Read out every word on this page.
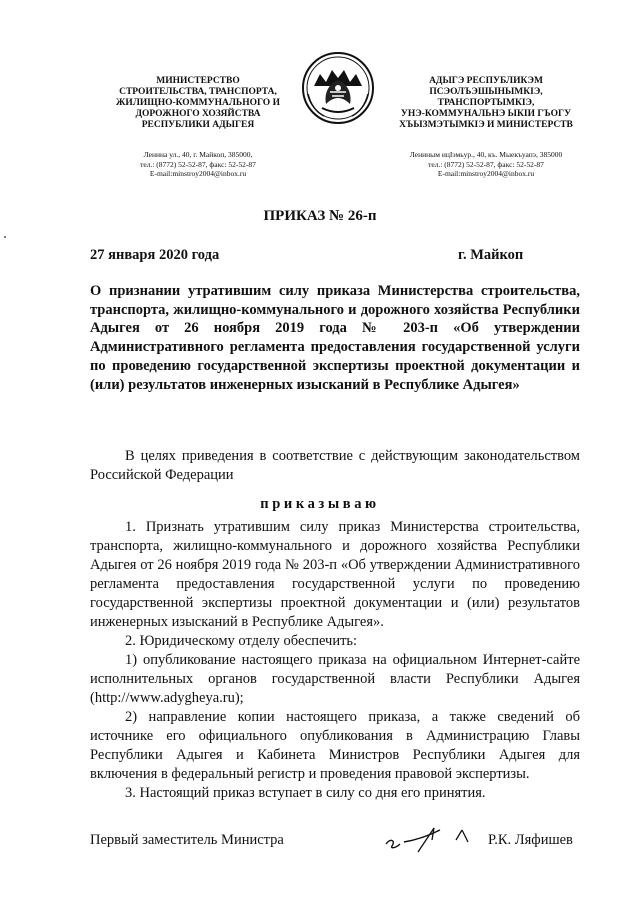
МИНИСТЕРСТВО
СТРОИТЕЛЬСТВА, ТРАНСПОРТА,
ЖИЛИЩНО-КОММУНАЛЬНОГО И
ДОРОЖНОГО ХОЗЯЙСТВА
РЕСПУБЛИКИ АДЫГЕЯ
Ленина ул., 40, г. Майкоп, 385000,
тел.: (8772) 52-52-87, факс: 52-52-87
E-mail:minstroy2004@inbox.ru
АДЫГЭ РЕСПУБЛИКЭМ
ПСЭОЛЪЭШЫНЫМКIЭ,
ТРАНСПОРТЫМКIЭ,
УНЭ-КОММУНАЛЬНЭ ЫКIИ ГЪОГУ
ХЪЫЗМЭТЫМКIЭ И МИНИСТЕРСТВ
Лениным ицIэмьур., 40, къ. Мыекъуапэ, 385000
тел.: (8772) 52-52-87, факс: 52-52-87
E-mail:minstroy2004@inbox.ru
ПРИКАЗ № 26-п
27 января 2020 года	г. Майкоп
О признании утратившим силу приказа Министерства строительства, транспорта, жилищно-коммунального и дорожного хозяйства Республики Адыгея от 26 ноября 2019 года № 203-п «Об утверждении Административного регламента предоставления государственной услуги по проведению государственной экспертизы проектной документации и (или) результатов инженерных изысканий в Республике Адыгея»
В целях приведения в соответствие с действующим законодательством Российской Федерации
приказываю

1. Признать утратившим силу приказ Министерства строительства, транспорта, жилищно-коммунального и дорожного хозяйства Республики Адыгея от 26 ноября 2019 года № 203-п «Об утверждении Административного регламента предоставления государственной услуги по проведению государственной экспертизы проектной документации и (или) результатов инженерных изысканий в Республике Адыгея».

2. Юридическому отделу обеспечить:

1) опубликование настоящего приказа на официальном Интернет-сайте исполнительных органов государственной власти Республики Адыгея (http://www.adygheya.ru);

2) направление копии настоящего приказа, а также сведений об источнике его официального опубликования в Администрацию Главы Республики Адыгея и Кабинета Министров Республики Адыгея для включения в федеральный регистр и проведения правовой экспертизы.

3. Настоящий приказ вступает в силу со дня его принятия.

Первый заместитель Министра	Р.К. Ляфишев
